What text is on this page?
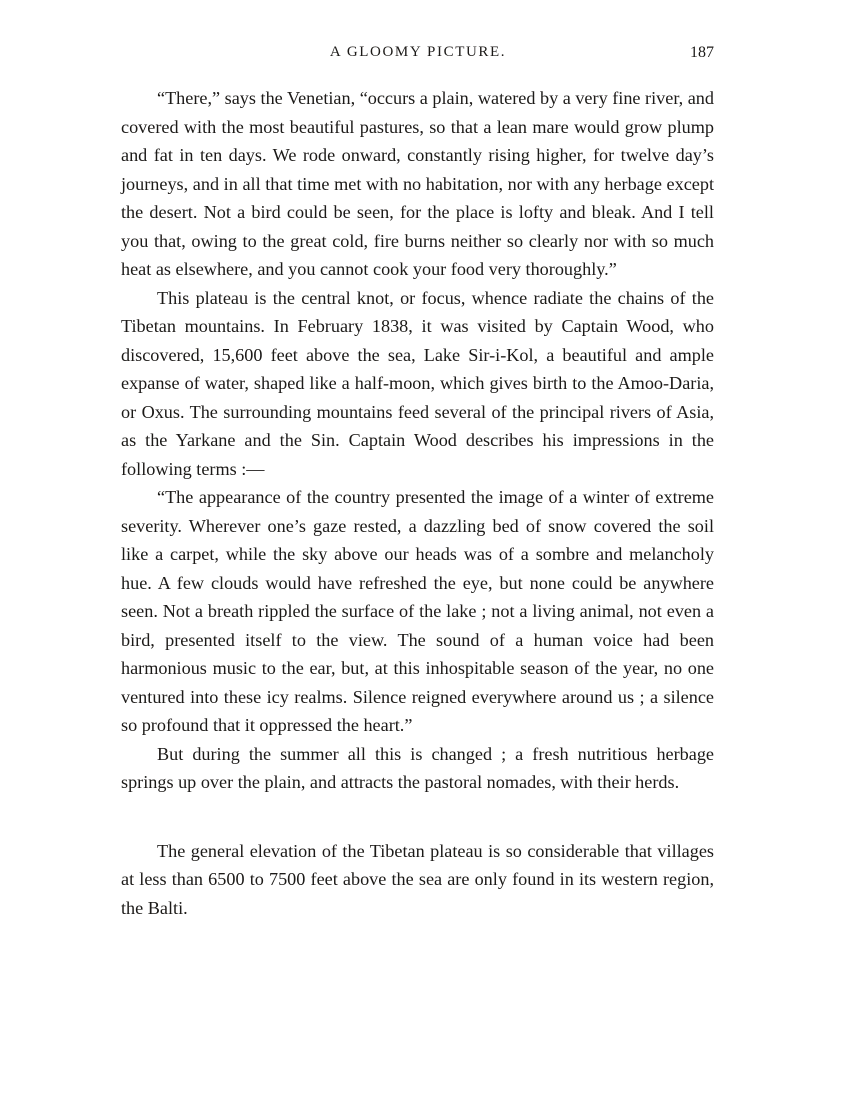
A GLOOMY PICTURE.	187

“There,” says the Venetian, “occurs a plain, watered by a very fine river, and covered with the most beautiful pastures, so that a lean mare would grow plump and fat in ten days. We rode onward, constantly rising higher, for twelve day’s journeys, and in all that time met with no habitation, nor with any herbage except the desert. Not a bird could be seen, for the place is lofty and bleak. And I tell you that, owing to the great cold, fire burns neither so clearly nor with so much heat as elsewhere, and you cannot cook your food very thoroughly.”

This plateau is the central knot, or focus, whence radiate the chains of the Tibetan mountains. In February 1838, it was visited by Captain Wood, who discovered, 15,600 feet above the sea, Lake Sir-i-Kol, a beautiful and ample expanse of water, shaped like a half-moon, which gives birth to the Amoo-Daria, or Oxus. The surrounding mountains feed several of the principal rivers of Asia, as the Yarkane and the Sin. Captain Wood describes his impressions in the following terms :—

“The appearance of the country presented the image of a winter of extreme severity. Wherever one’s gaze rested, a dazzling bed of snow covered the soil like a carpet, while the sky above our heads was of a sombre and melancholy hue. A few clouds would have refreshed the eye, but none could be anywhere seen. Not a breath rippled the surface of the lake ; not a living animal, not even a bird, presented itself to the view. The sound of a human voice had been harmonious music to the ear, but, at this inhospitable season of the year, no one ventured into these icy realms. Silence reigned everywhere around us ; a silence so profound that it oppressed the heart.”

But during the summer all this is changed ; a fresh nutritious herbage springs up over the plain, and attracts the pastoral nomades, with their herds.

The general elevation of the Tibetan plateau is so considerable that villages at less than 6500 to 7500 feet above the sea are only found in its western region, the Balti.
